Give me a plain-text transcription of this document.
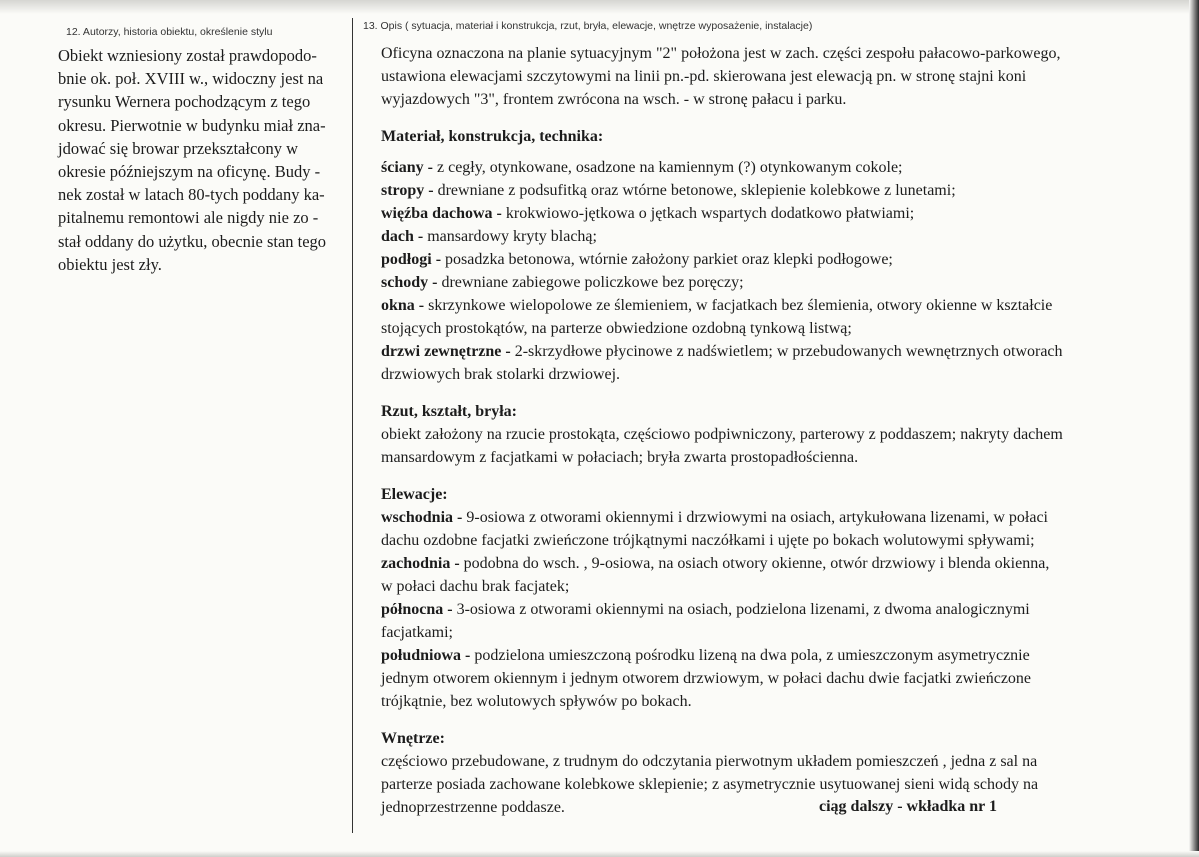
12. Autorzy, historia obiektu, określenie stylu	13. Opis ( sytuacja, materiał i konstrukcja, rzut, bryła, elewacje, wnętrze wyposażenie, instalacje)
Obiekt wzniesiony został prawdopodo-
bnie ok. poł. XVIII w., widoczny jest na
rysunku Wernera pochodzącym z tego
okresu. Pierwotnie w budynku miał zna-
jdować się browar przekształcony w
okresie późniejszym na oficynę. Budy -
nek został w latach 80-tych poddany ka-
pitalnemu remontowi ale nigdy nie zo -
stał oddany do użytku, obecnie stan tego
obiektu jest zły.
Oficyna oznaczona na planie sytuacyjnym "2" położona jest w zach. części zespołu pałacowo-parkowego,
ustawiona elewacjami szczytowymi na linii pn.-pd. skierowana jest elewacją pn. w stronę stajni koni
wyjazdowych "3", frontem zwrócona na wsch. - w stronę pałacu i parku.
Materiał, konstrukcja, technika:
ściany - z cegły, otynkowane, osadzone na kamiennym (?) otynkowanym cokole;
stropy - drewniane z podsufitką oraz wtórne betonowe, sklepienie kolebkowe z lunetami;
więźba dachowa - krokwiowo-jętkowa o jętkach wspartych dodatkowo płatwiami;
dach - mansardowy kryty blachą;
podłogi - posadzka betonowa, wtórnie założony parkiet oraz klepki podłogowe;
schody - drewniane zabiegowe policzkowe bez poręczy;
okna - skrzynkowe wielopolowe ze ślemieniem, w facjatkach bez ślemienia, otwory okienne w kształcie
stojących prostokątów, na parterze obwiedzione ozdobną tynkową listwą;
drzwi zewnętrzne - 2-skrzydłowe płycinowe z nadświetlem; w przebudowanych wewnętrznych otworach
drzwiowych brak stolarki drzwiowej.
Rzut, kształt, bryła:
obiekt założony na rzucie prostokąta, częściowo podpiwniczony, parterowy z poddaszem; nakryty dachem
mansardowym z facjatkami w połaciach; bryła zwarta prostopadłościenna.
Elewacje:
wschodnia - 9-osiowa z otworami okiennymi i drzwiowymi na osiach, artykułowana lizenami, w połaci
dachu ozdobne facjatki zwieńczone trójkątnymi naczółkami i ujęte po bokach wolutowymi spływami;
zachodnia - podobna do wsch. , 9-osiowa, na osiach otwory okienne, otwór drzwiowy i blenda okienna,
w połaci dachu brak facjatek;
północna - 3-osiowa z otworami okiennymi na osiach, podzielona lizenami, z dwoma analogicznymi
facjatkami;
południowa - podzielona umieszczoną pośrodku lizeną na dwa pola, z umieszczonym asymetrycznie
jednym otworem okiennym i jednym otworem drzwiowym, w połaci dachu dwie facjatki zwieńczone
trójkątnie, bez wolutowych spływów po bokach.
Wnętrze:
częściowo przebudowane, z trudnym do odczytania pierwotnym układem pomieszczeń , jedna z sal na
parterze posiada zachowane kolebkowe sklepienie; z asymetrycznie usytuowanej sieni widą schody na
jednoprzestrzenne poddasze.	ciąg dalszy - wkładka nr 1
